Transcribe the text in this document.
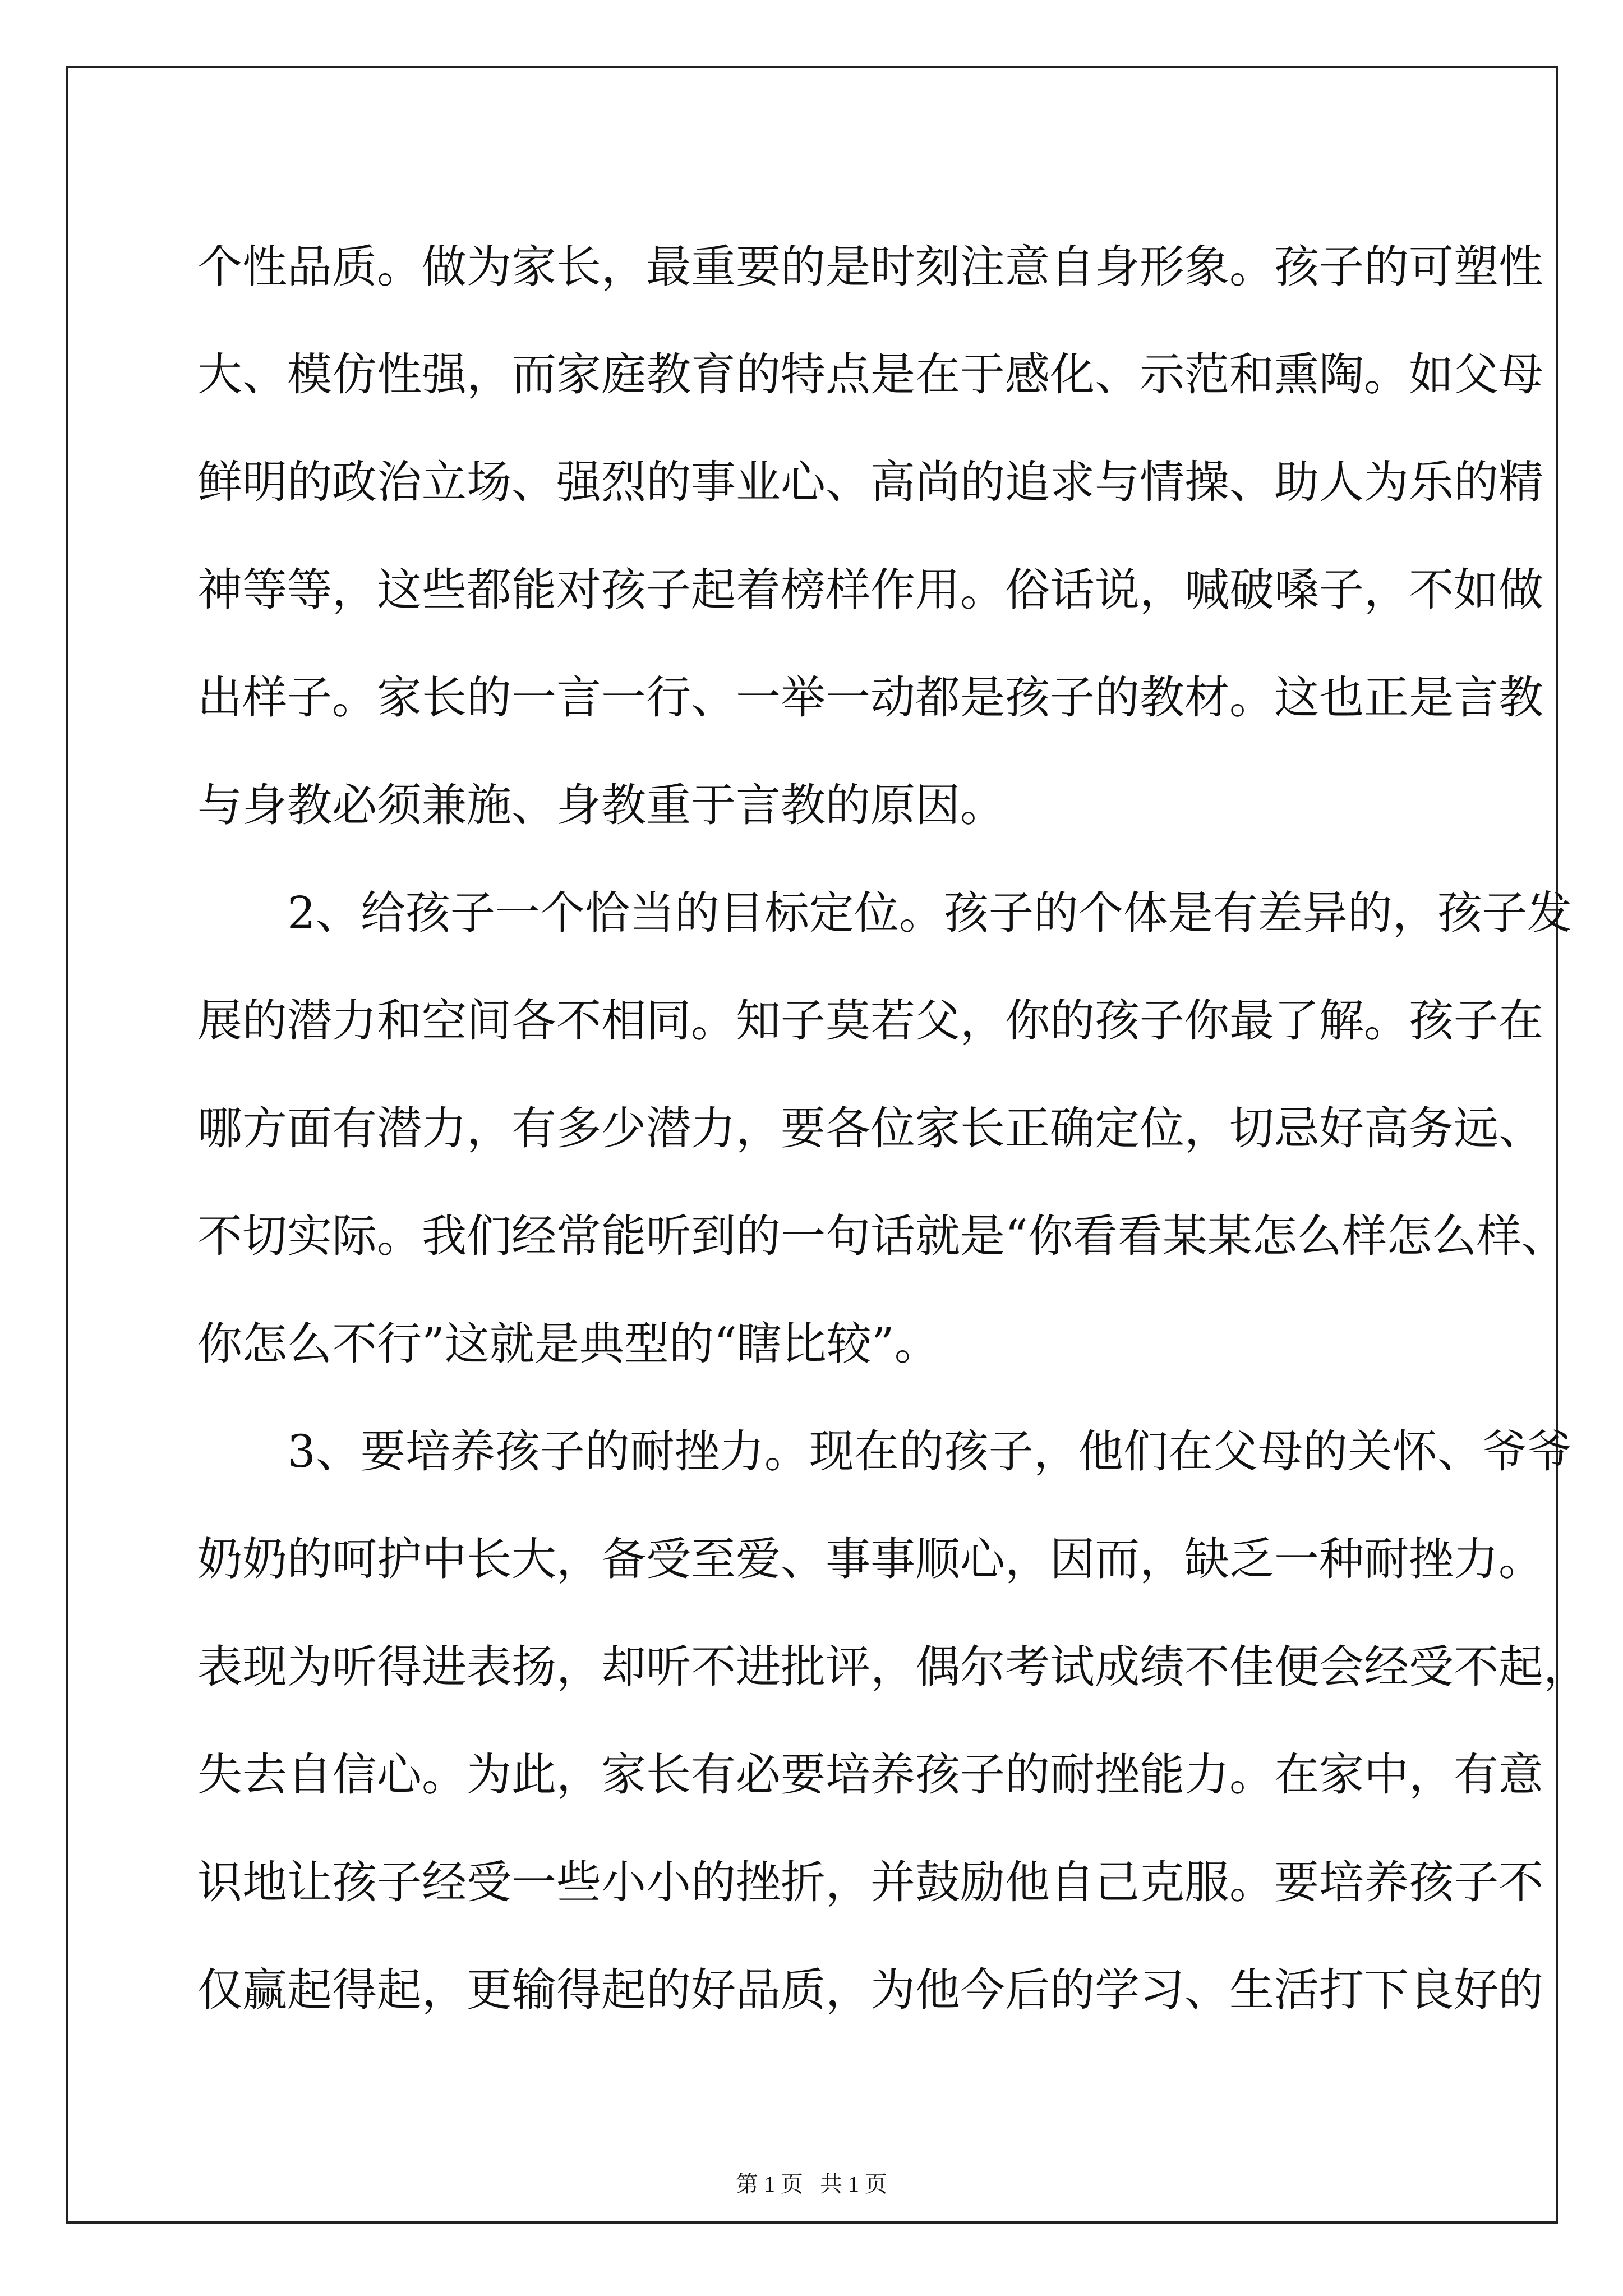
个性品质。做为家长，最重要的是时刻注意自身形象。孩子的可塑性
大、模仿性强，而家庭教育的特点是在于感化、示范和熏陶。如父母
鲜明的政治立场、强烈的事业心、高尚的追求与情操、助人为乐的精
神等等，这些都能对孩子起着榜样作用。俗话说，喊破嗓子，不如做
出样子。家长的一言一行、一举一动都是孩子的教材。这也正是言教
与身教必须兼施、身教重于言教的原因。
2、给孩子一个恰当的目标定位。孩子的个体是有差异的，孩子发
展的潜力和空间各不相同。知子莫若父，你的孩子你最了解。孩子在
哪方面有潜力，有多少潜力，要各位家长正确定位，切忌好高务远、
不切实际。我们经常能听到的一句话就是“你看看某某怎么样怎么样、
你怎么不行”这就是典型的“瞎比较”。
3、要培养孩子的耐挫力。现在的孩子，他们在父母的关怀、爷爷
奶奶的呵护中长大，备受至爱、事事顺心，因而，缺乏一种耐挫力。
表现为听得进表扬，却听不进批评，偶尔考试成绩不佳便会经受不起，
失去自信心。为此，家长有必要培养孩子的耐挫能力。在家中，有意
识地让孩子经受一些小小的挫折，并鼓励他自己克服。要培养孩子不
仅赢起得起，更输得起的好品质，为他今后的学习、生活打下良好的
第 1 页   共 1 页
